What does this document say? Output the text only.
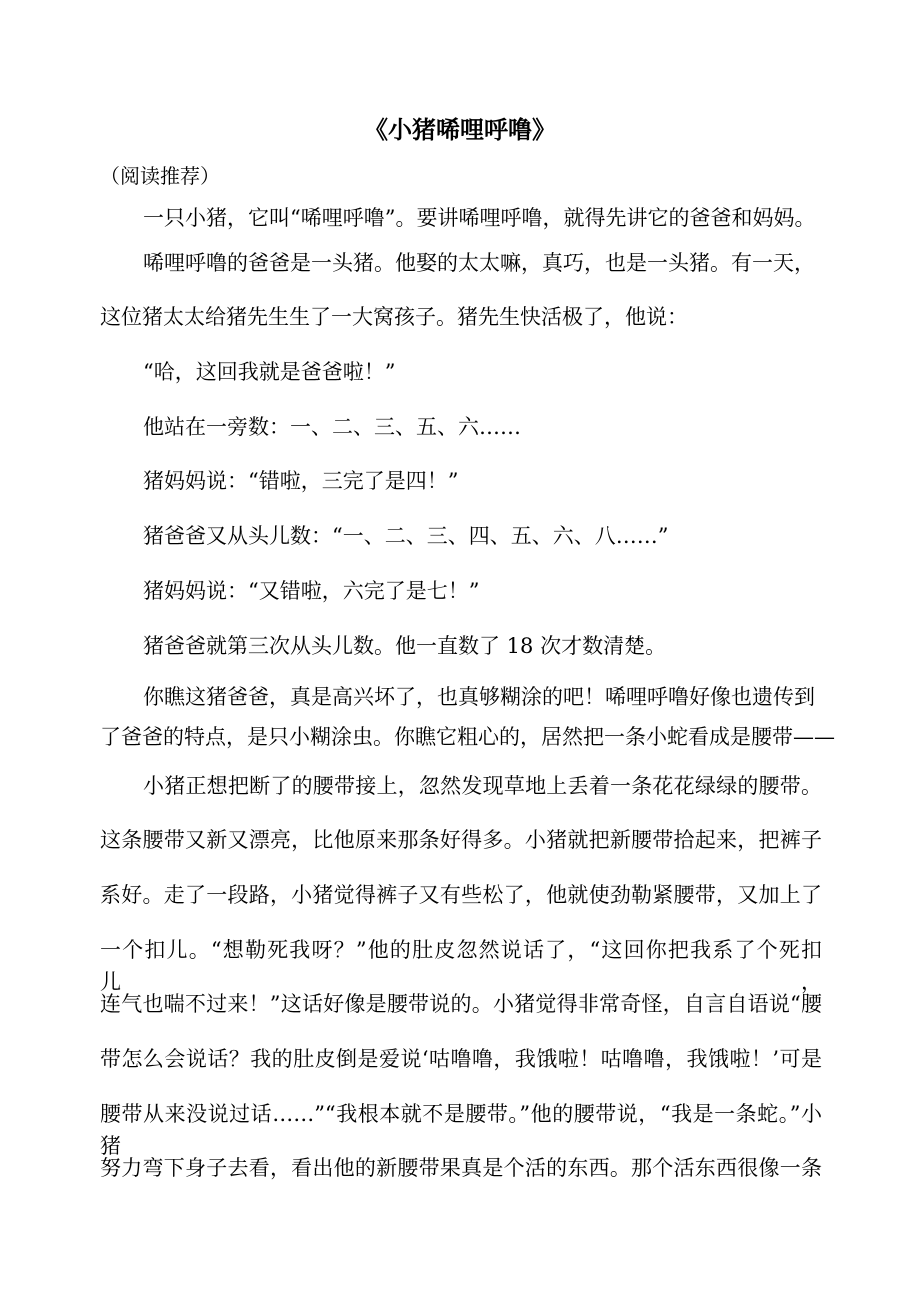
《小猪唏哩呼噜》
（阅读推荐）
一只小猪，它叫“唏哩呼噜”。要讲唏哩呼噜，就得先讲它的爸爸和妈妈。
唏哩呼噜的爸爸是一头猪。他娶的太太嘛，真巧，也是一头猪。有一天，
这位猪太太给猪先生生了一大窝孩子。猪先生快活极了，他说：
“哈，这回我就是爸爸啦！”
他站在一旁数：一、二、三、五、六……
猪妈妈说：“错啦，三完了是四！”
猪爸爸又从头儿数：“一、二、三、四、五、六、八……”
猪妈妈说：“又错啦，六完了是七！”
猪爸爸就第三次从头儿数。他一直数了 18 次才数清楚。
你瞧这猪爸爸，真是高兴坏了，也真够糊涂的吧！唏哩呼噜好像也遗传到
了爸爸的特点，是只小糊涂虫。你瞧它粗心的，居然把一条小蛇看成是腰带——
小猪正想把断了的腰带接上，忽然发现草地上丢着一条花花绿绿的腰带。
这条腰带又新又漂亮，比他原来那条好得多。小猪就把新腰带拾起来，把裤子
系好。走了一段路，小猪觉得裤子又有些松了，他就使劲勒紧腰带，又加上了
一个扣儿。“想勒死我呀？”他的肚皮忽然说话了，“这回你把我系了个死扣儿，
连气也喘不过来！”这话好像是腰带说的。小猪觉得非常奇怪，自言自语说“腰
带怎么会说话？我的肚皮倒是爱说‘咕噜噜，我饿啦！咕噜噜，我饿啦！’可是
腰带从来没说过话……”“我根本就不是腰带。”他的腰带说，“我是一条蛇。”小猪
努力弯下身子去看，看出他的新腰带果真是个活的东西。那个活东西很像一条
